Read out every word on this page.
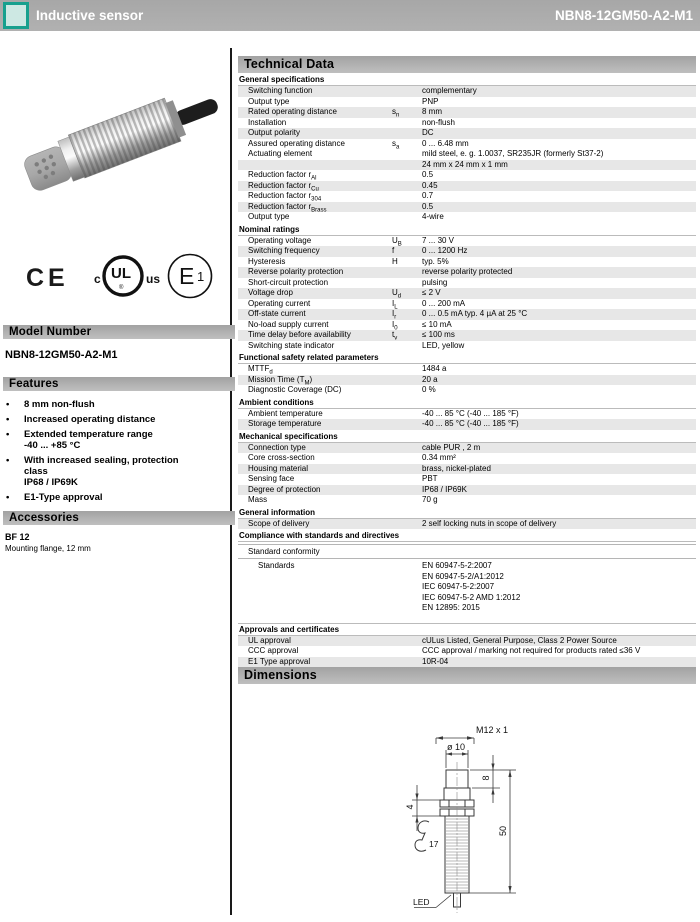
Inductive sensor	NBN8-12GM50-A2-M1
CE	UL
®
c	us E 1
Model Number
NBN8-12GM50-A2-M1
Features
•	8 mm non-flush
•	Increased operating distance
•	Extended temperature range
-40 ... +85 °C
•	With increased sealing, protection
class
IP68 / IP69K
•	E1-Type approval
Accessories
BF 12
Mounting flange, 12 mm
Technical Data
General specifications
Switching function	complementary
Output type	PNP
Rated operating distance	$s_n$	8 mm
Installation	non-flush
Output polarity	DC
Assured operating distance	$s_a$	0 ... 6.48 mm
Actuating element	mild steel, e. g. 1.0037, SR235JR (formerly St37-2)
24 mm x 24 mm x 1 mm
Reduction factor $r_{Al}$	0.5
Reduction factor $r_{Cu}$	0.45
Reduction factor $r_{304}$	0.7
Reduction factor $r_{Brass}$	0.5
Output type	4-wire
Nominal ratings
Operating voltage	$U_B$	7 ... 30 V
Switching frequency	f	0 ... 1200 Hz
Hysteresis	H	typ. 5%
Reverse polarity protection	reverse polarity protected
Short-circuit protection	pulsing
Voltage drop	$U_d$	≤ 2 V
Operating current	$I_L$	0 ... 200 mA
Off-state current	$I_r$	0 ... 0.5 mA typ. 4 µA at 25 °C
No-load supply current	$I_0$	≤ 10 mA
Time delay before availability	$t_v$	≤ 100 ms
Switching state indicator	LED, yellow
Functional safety related parameters
$MTTF_d$	1484 a
Mission Time $(T_M)$	20 a
Diagnostic Coverage (DC)	0 %
Ambient conditions
Ambient temperature	-40 ... 85 °C (-40 ... 185 °F)
Storage temperature	-40 ... 85 °C (-40 ... 185 °F)
Mechanical specifications
Connection type	cable PUR , 2 m
Core cross-section	0.34 mm²
Housing material	brass, nickel-plated
Sensing face	PBT
Degree of protection	IP68 / IP69K
Mass	70 g
General information
Scope of delivery	2 self locking nuts in scope of delivery
Compliance with standards and directives
Standard conformity
Standards	EN 60947-5-2:2007
EN 60947-5-2/A1:2012
IEC 60947-5-2:2007
IEC 60947-5-2 AMD 1:2012
EN 12895: 2015
Approvals and certificates
UL approval	cULus Listed, General Purpose, Class 2 Power Source
CCC approval	CCC approval / marking not required for products rated ≤36 V
E1 Type approval	10R-04
Dimensions
M12 x 1
ø 10
8
4
50
17
LED
